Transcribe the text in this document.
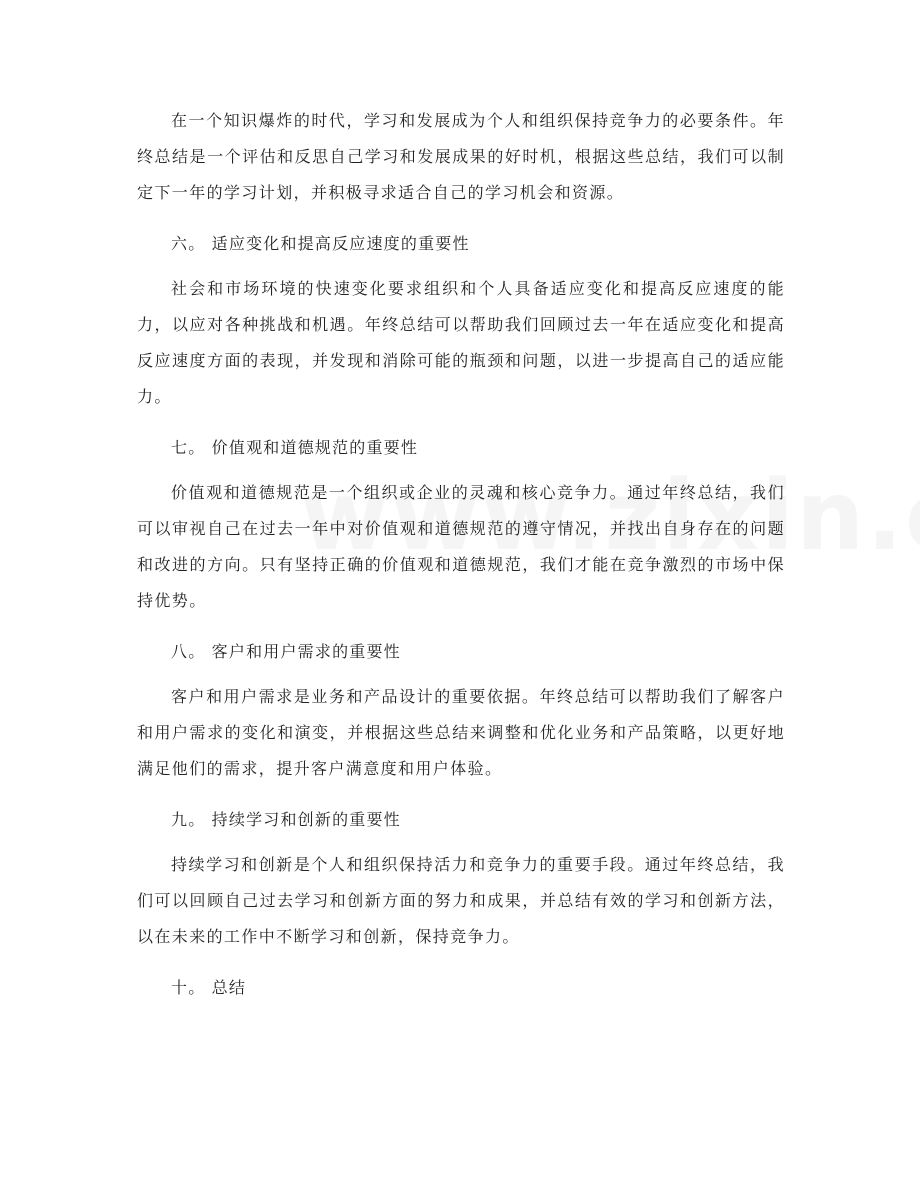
在一个知识爆炸的时代，学习和发展成为个人和组织保持竞争力的必要条件。年终总结是一个评估和反思自己学习和发展成果的好时机，根据这些总结，我们可以制定下一年的学习计划，并积极寻求适合自己的学习机会和资源。

六。 适应变化和提高反应速度的重要性

社会和市场环境的快速变化要求组织和个人具备适应变化和提高反应速度的能力，以应对各种挑战和机遇。年终总结可以帮助我们回顾过去一年在适应变化和提高反应速度方面的表现，并发现和消除可能的瓶颈和问题，以进一步提高自己的适应能力。

七。 价值观和道德规范的重要性

价值观和道德规范是一个组织或企业的灵魂和核心竞争力。通过年终总结，我们可以审视自己在过去一年中对价值观和道德规范的遵守情况，并找出自身存在的问题和改进的方向。只有坚持正确的价值观和道德规范，我们才能在竞争激烈的市场中保持优势。

八。 客户和用户需求的重要性

客户和用户需求是业务和产品设计的重要依据。年终总结可以帮助我们了解客户和用户需求的变化和演变，并根据这些总结来调整和优化业务和产品策略，以更好地满足他们的需求，提升客户满意度和用户体验。

九。 持续学习和创新的重要性

持续学习和创新是个人和组织保持活力和竞争力的重要手段。通过年终总结，我们可以回顾自己过去学习和创新方面的努力和成果，并总结有效的学习和创新方法，以在未来的工作中不断学习和创新，保持竞争力。

十。 总结
